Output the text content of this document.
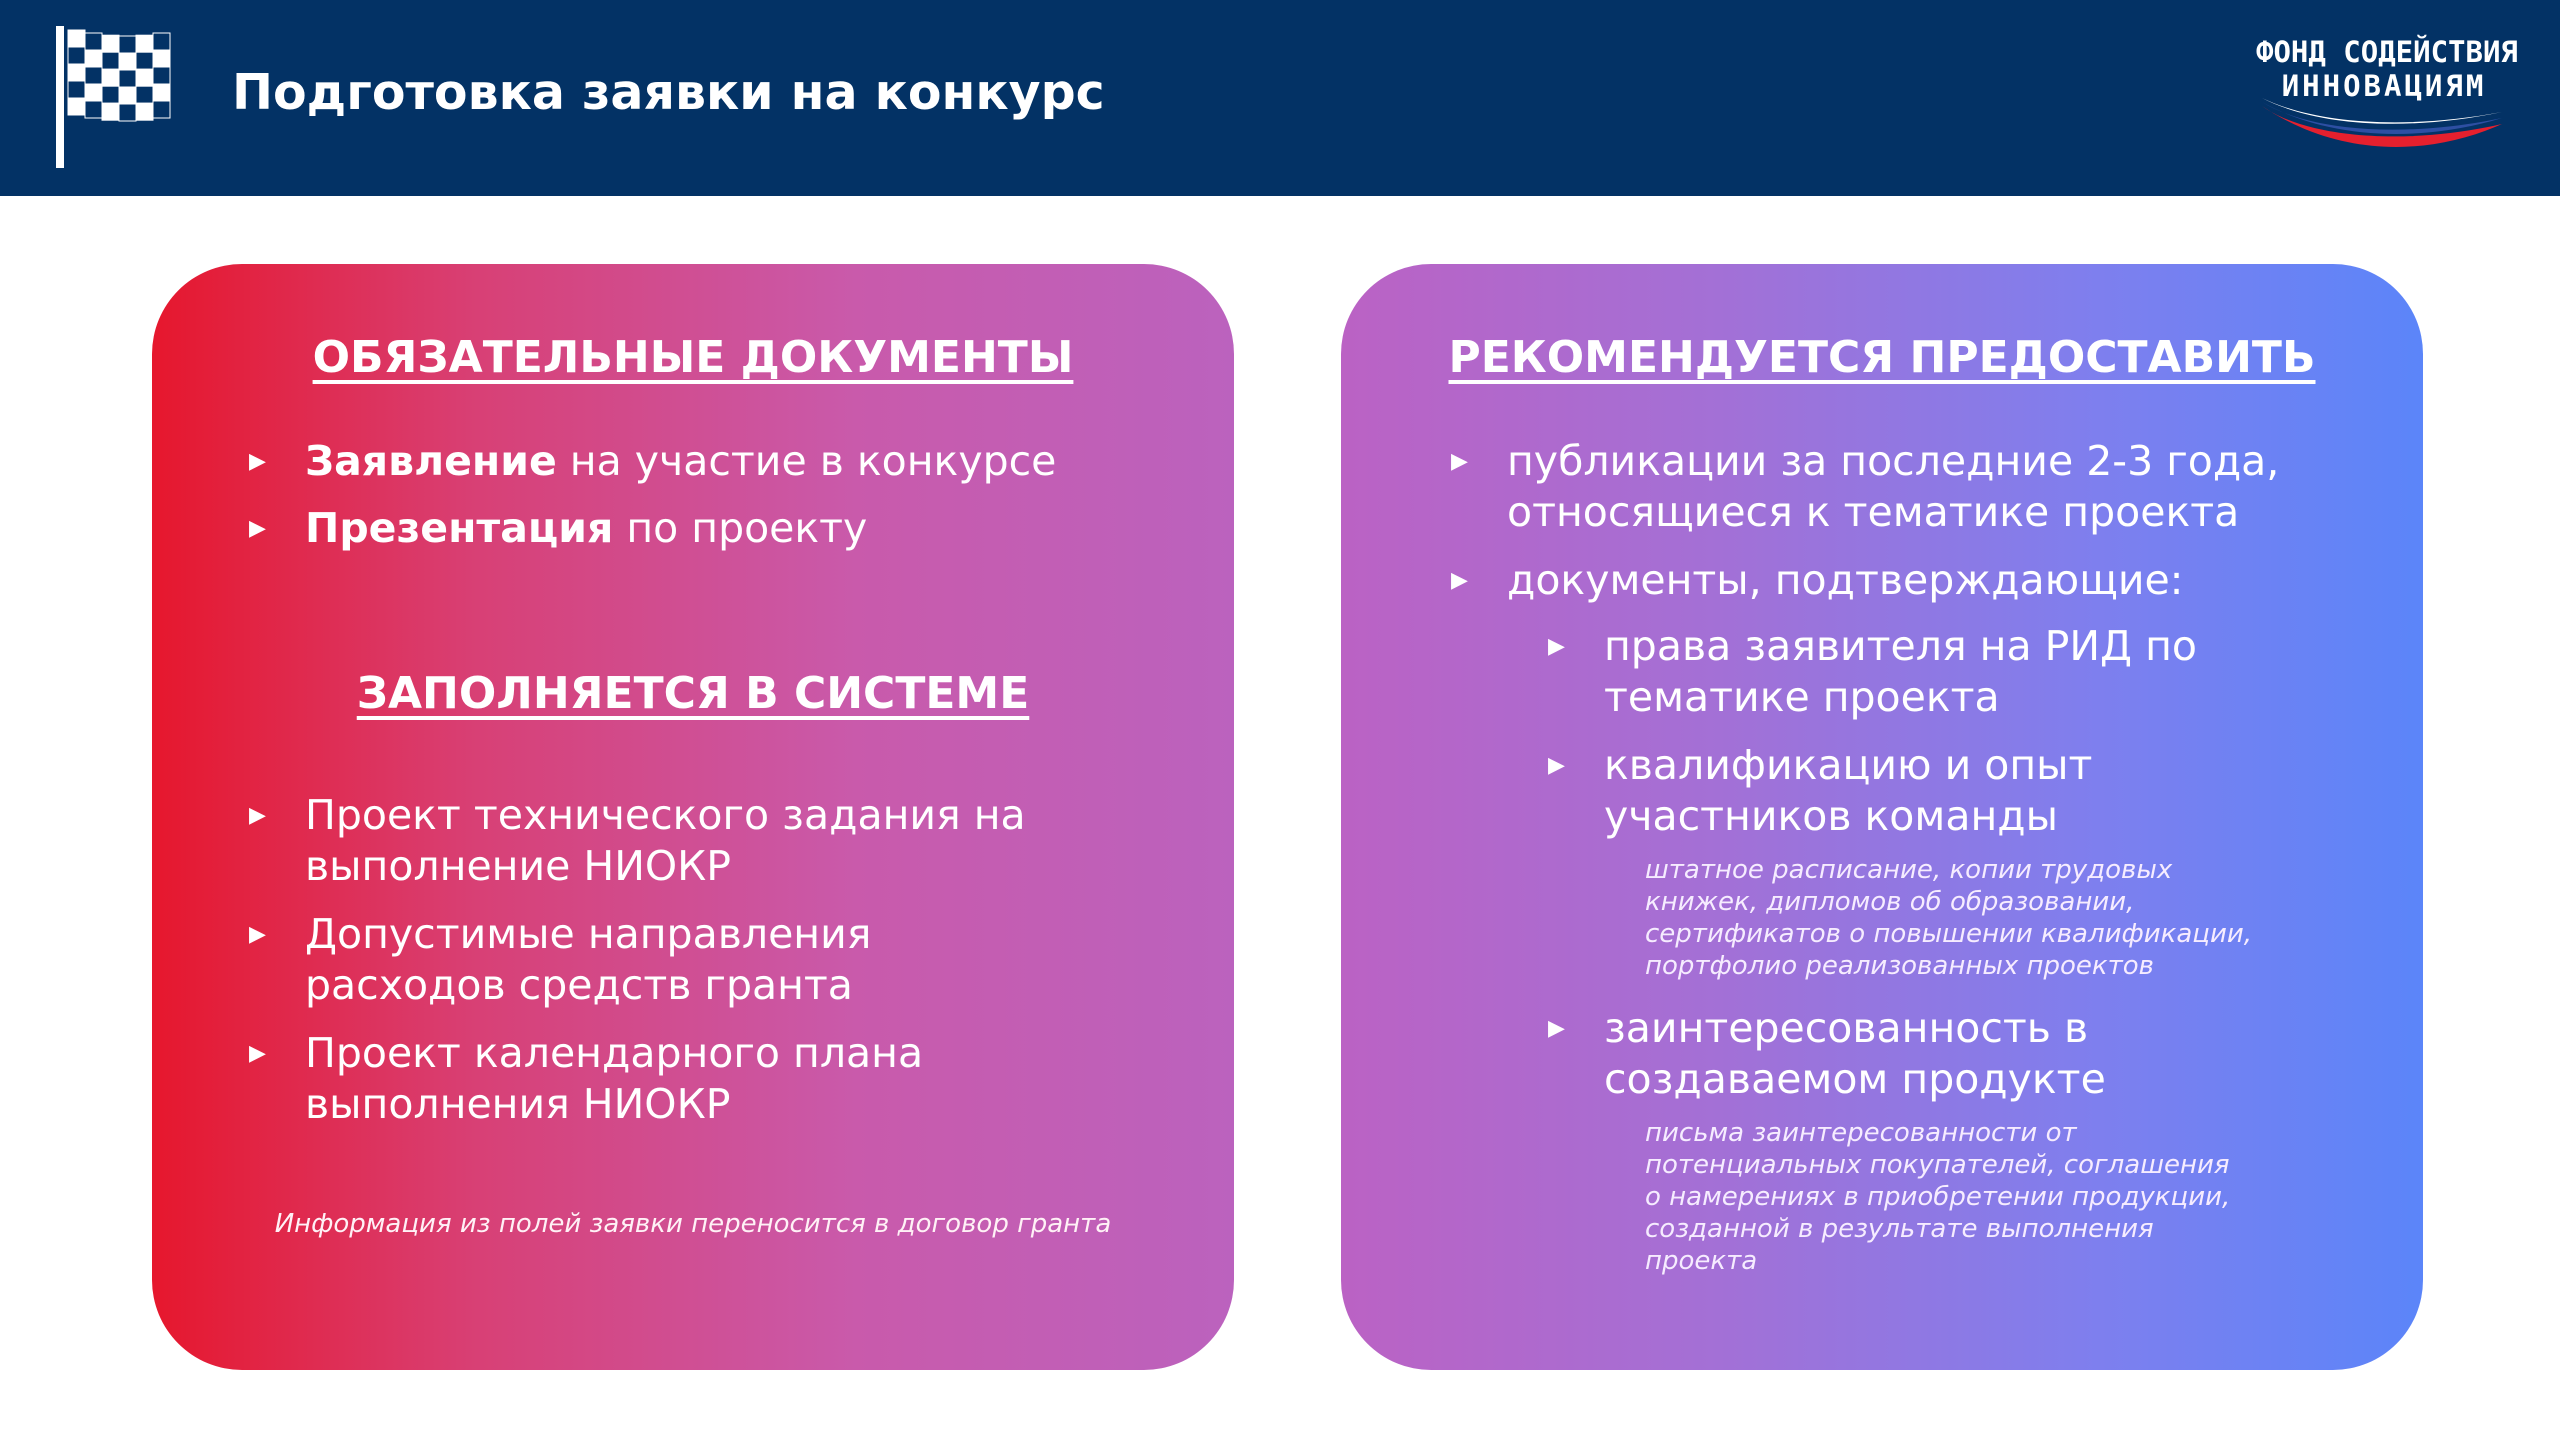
Подготовка заявки на конкурс
ФОНД СОДЕЙСТВИЯ
ИННОВАЦИЯМ
ОБЯЗАТЕЛЬНЫЕ ДОКУМЕНТЫ
▶ Заявление на участие в конкурсе
▶ Презентация по проекту
ЗАПОЛНЯЕТСЯ В СИСТЕМЕ
▶ Проект технического задания на
выполнение НИОКР
▶ Допустимые направления
расходов средств гранта
▶ Проект календарного плана
выполнения НИОКР
Информация из полей заявки переносится в договор гранта
РЕКОМЕНДУЕТСЯ ПРЕДОСТАВИТЬ
▶ публикации за последние 2-3 года,
относящиеся к тематике проекта
▶ документы, подтверждающие:
▶ права заявителя на РИД по
тематике проекта
▶ квалификацию и опыт
участников команды
штатное расписание, копии трудовых
книжек, дипломов об образовании,
сертификатов о повышении квалификации,
портфолио реализованных проектов
▶ заинтересованность в
создаваемом продукте
письма заинтересованности от
потенциальных покупателей, соглашения
о намерениях в приобретении продукции,
созданной в результате выполнения
проекта
